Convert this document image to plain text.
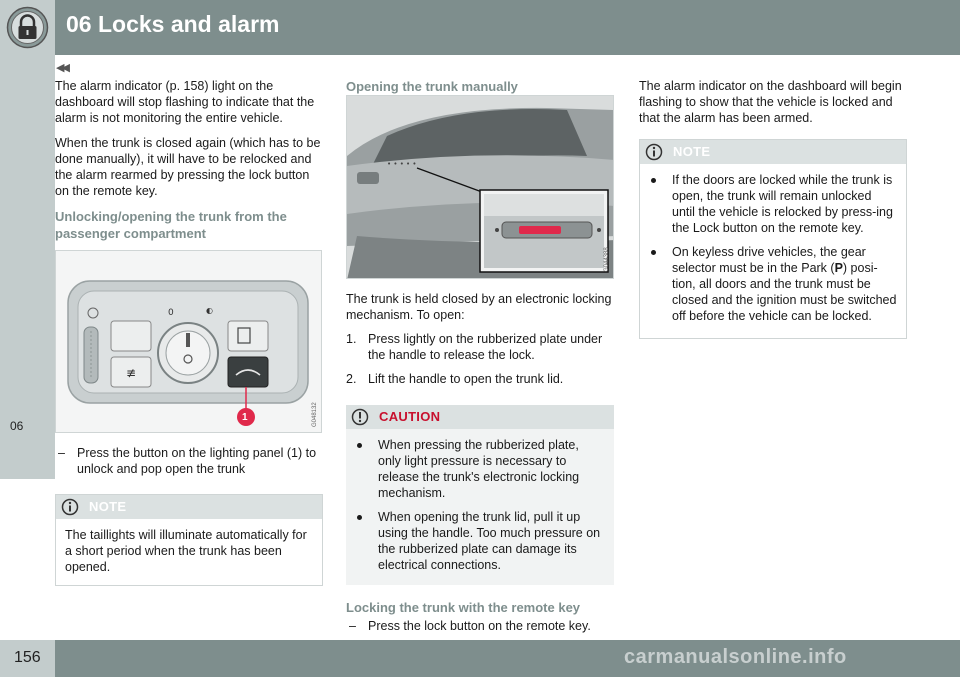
06 Locks and alarm
06
◀◀

The alarm indicator (p. 158) light on the dashboard will stop flashing to indicate that the alarm is not monitoring the entire vehicle.

When the trunk is closed again (which has to be done manually), it will have to be relocked and the alarm rearmed by pressing the lock button on the remote key.

Unlocking/opening the trunk from the passenger compartment
≢
0	◐
G048132
1
– Press the button on the lighting panel (1) to unlock and pop open the trunk
NOTE

The taillights will illuminate automatically for a short period when the trunk has been opened.

Opening the trunk manually
• • • • •
G044388

The trunk is held closed by an electronic locking mechanism. To open:

1. Press lightly on the rubberized plate under the handle to release the lock.
2. Lift the handle to open the trunk lid.
CAUTION
When pressing the rubberized plate, only light pressure is necessary to release the trunk's electronic locking mechanism.
When opening the trunk lid, pull it up using the handle. Too much pressure on the rubberized plate can damage its electrical connections.
Locking the trunk with the remote key
– Press the lock button on the remote key.

The alarm indicator on the dashboard will begin flashing to show that the vehicle is locked and that the alarm has been armed.

NOTE
If the doors are locked while the trunk is open, the trunk will remain unlocked until the vehicle is relocked by press-ing the Lock button on the remote key.
On keyless drive vehicles, the gear selector must be in the Park (P) posi-tion, all doors and the trunk must be closed and the ignition must be switched off before the vehicle can be locked.
156	carmanualsonline.info
